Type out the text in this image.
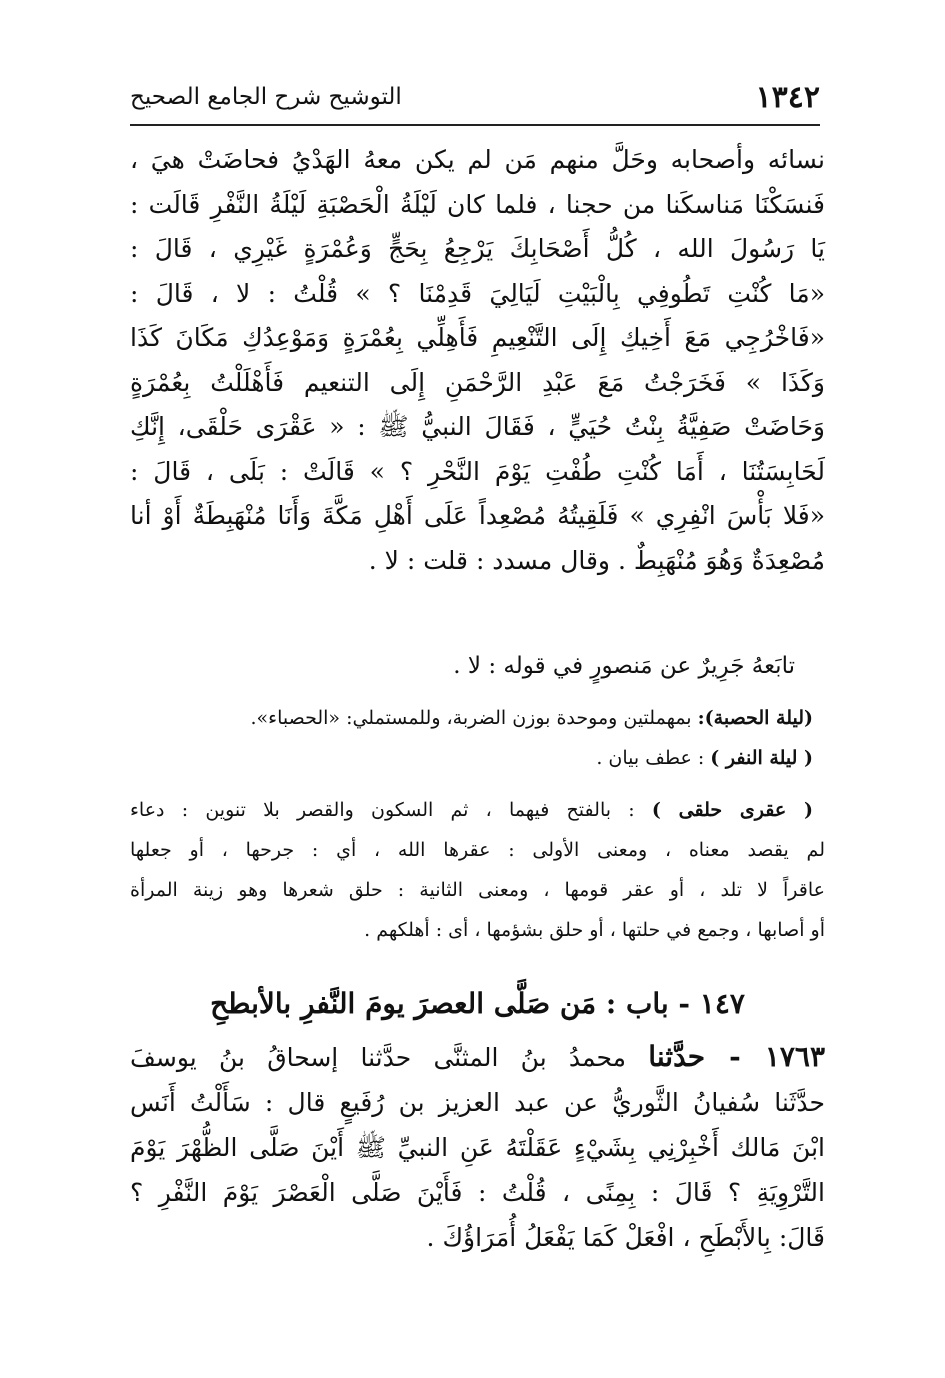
١٣٤٢
التوشيح شرح الجامع الصحيح

نسائه وأصحابه وحَلَّ منهم مَن لم يكن معهُ الهَدْيُ فحاضَتْ هيَ ،

فَنسَكْنَا مَناسكَنا من حجنا ، فلما كان لَيْلَةُ الْحَصْبَةِ لَيْلَةُ النَّفْرِ قَالَت :

يَا رَسُولَ الله ، كُلُّ أَصْحَابِكَ يَرْجِعُ بِحَجٍّ وَعُمْرَةٍ غَيْرِي ، قَالَ :

«مَا كُنْتِ تَطُوفِي بِالْبَيْتِ لَيَالِيَ قَدِمْنَا ؟ » قُلْتُ : لا ، قَالَ :

«فَاخْرُجِي مَعَ أَخِيكِ إِلَى التَّنْعِيمِ فَأَهِلِّي بِعُمْرَةٍ وَمَوْعِدُكِ مَكَانَ كَذَا

وَكَذَا » فَخَرَجْتُ مَعَ عَبْدِ الرَّحْمَنِ إِلَى التنعيم فَأَهْلَلْتُ بِعُمْرَةٍ

وَحَاضَتْ صَفِيَّةُ بِنْتُ حُيَيٍّ ، فَقَالَ النبيُّ ﷺ : « عَقْرَى حَلْقَى، إِنَّكِ

لَحَابِسَتُنَا ، أَمَا كُنْتِ طُفْتِ يَوْمَ النَّحْرِ ؟ » قَالَتْ : بَلَى ، قَالَ :

«فَلا بَأْسَ انْفِرِي » فَلَقِيتُهُ مُصْعِداً عَلَى أَهْلِ مَكَّةَ وَأَنَا مُنْهَبِطَةٌ أَوْ أنا

مُصْعِدَةٌ وَهُوَ مُنْهَبِطٌ . وقال مسدد : قلت : لا .

تابَعهُ جَرِيرٌ عن مَنصورٍ في قوله : لا .

(ليلة الحصبة): بمهملتين وموحدة بوزن الضربة، وللمستملي: «الحصباء».

( ليلة النفر ) : عطف بيان .

( عقرى حلقى ) : بالفتح فيهما ، ثم السكون والقصر بلا تنوين : دعاء

لم يقصد معناه ، ومعنى الأولى : عقرها الله ، أي : جرحها ، أو جعلها

عاقراً لا تلد ، أو عقر قومها ، ومعنى الثانية : حلق شعرها وهو زينة المرأة

أو أصابها ، وجمع في حلتها ، أو حلق بشؤمها ، أى : أهلكهم .

١٤٧ - باب : مَن صَلَّى العصرَ يومَ النَّفرِ بالأبطحِ

١٧٦٣ - حدَّثنا محمدُ بنُ المثنَّى حدَّثنا إسحاقُ بنُ يوسفَ

حدَّثَنا سُفيانُ الثَّوريُّ عن عبد العزيز بن رُفَيعٍ قال : سَأَلْتُ أَنَس

ابْنَ مَالك أَخْبِرْنِي بِشَيْءٍ عَقَلْتَهُ عَنِ النبيِّ ﷺ أَيْنَ صَلَّى الظُّهْرَ يَوْمَ

التَّرْوِيَةِ ؟ قَالَ : بِمِنًى ، قُلْتُ : فَأَيْنَ صَلَّى الْعَصْرَ يَوْمَ النَّفْرِ ؟

قَالَ: بِالأَبْطَحِ ، افْعَلْ كَمَا يَفْعَلُ أُمَرَاؤُكَ .
